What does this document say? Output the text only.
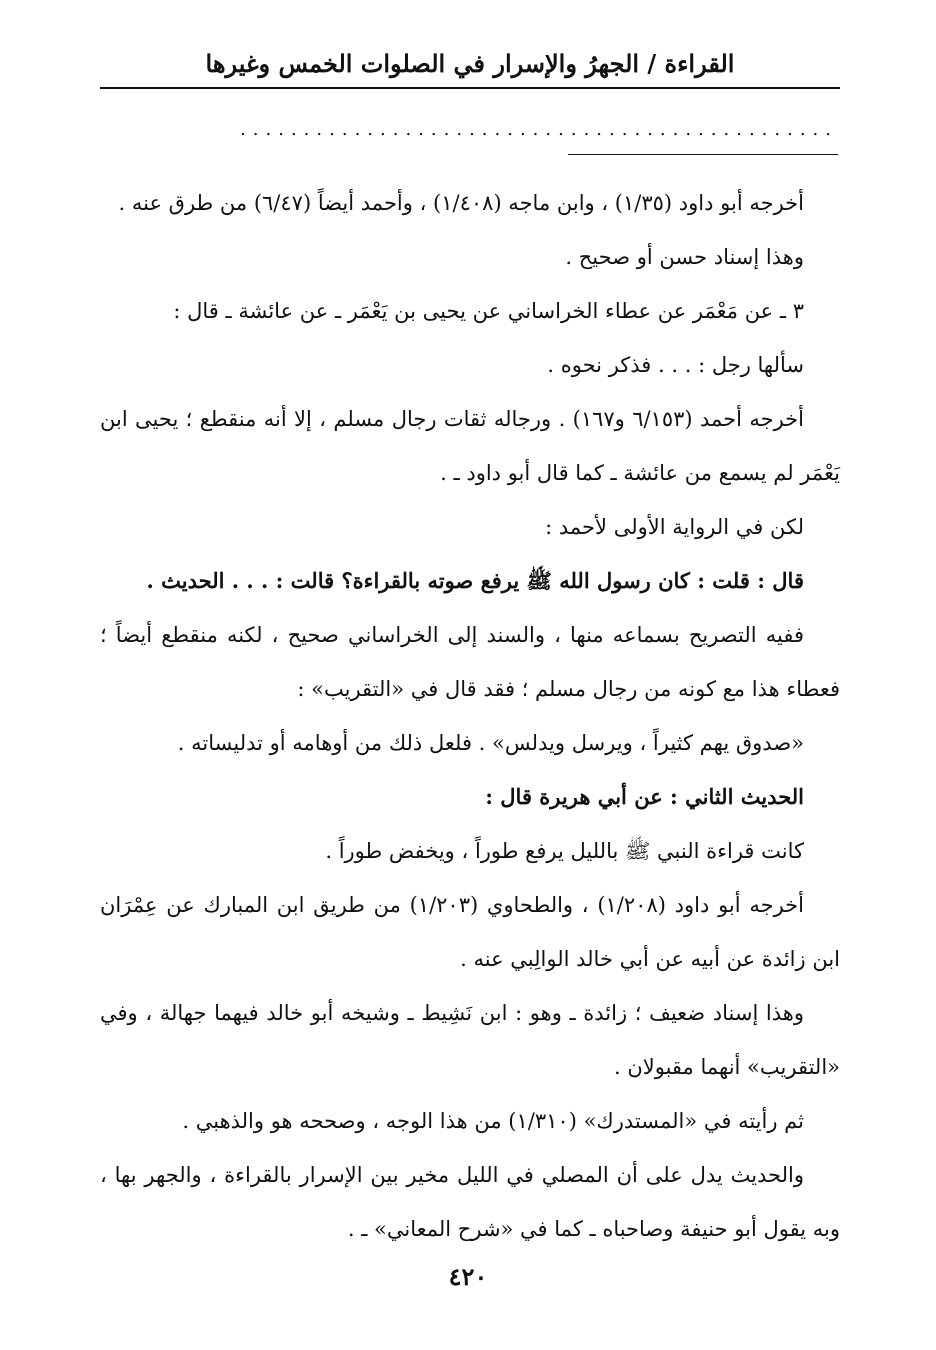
القراءة / الجهرُ والإسرار في الصلوات الخمس وغيرها
...............................................

أخرجه أبو داود (١/٣٥) ، وابن ماجه (١/٤٠٨) ، وأحمد أيضاً (٦/٤٧) من طرق عنه .

وهذا إسناد حسن أو صحيح .

٣ ـ عن مَعْمَر عن عطاء الخراساني عن يحيى بن يَعْمَر ـ عن عائشة ـ قال :

سألها رجل : . . . فذكر نحوه .

أخرجه أحمد (٦/١٥٣ و١٦٧) . ورجاله ثقات رجال مسلم ، إلا أنه منقطع ؛ يحيى ابن يَعْمَر لم يسمع من عائشة ـ كما قال أبو داود ـ .

لكن في الرواية الأولى لأحمد :

قال : قلت : كان رسول الله ﷺ يرفع صوته بالقراءة؟ قالت : . . . الحديث .

ففيه التصريح بسماعه منها ، والسند إلى الخراساني صحيح ، لكنه منقطع أيضاً ؛ فعطاء هذا مع كونه من رجال مسلم ؛ فقد قال في «التقريب» :

«صدوق يهم كثيراً ، ويرسل ويدلس» . فلعل ذلك من أوهامه أو تدليساته .

الحديث الثاني : عن أبي هريرة قال :

كانت قراءة النبي ﷺ بالليل يرفع طوراً ، ويخفض طوراً .

أخرجه أبو داود (١/٢٠٨) ، والطحاوي (١/٢٠٣) من طريق ابن المبارك عن عِمْرَان ابن زائدة عن أبيه عن أبي خالد الوالِبي عنه .

وهذا إسناد ضعيف ؛ زائدة ـ وهو : ابن نَشِيط ـ وشيخه أبو خالد فيهما جهالة ، وفي «التقريب» أنهما مقبولان .

ثم رأيته في «المستدرك» (١/٣١٠) من هذا الوجه ، وصححه هو والذهبي .

والحديث يدل على أن المصلي في الليل مخير بين الإسرار بالقراءة ، والجهر بها ، وبه يقول أبو حنيفة وصاحباه ـ كما في «شرح المعاني» ـ .

٤٢٠
